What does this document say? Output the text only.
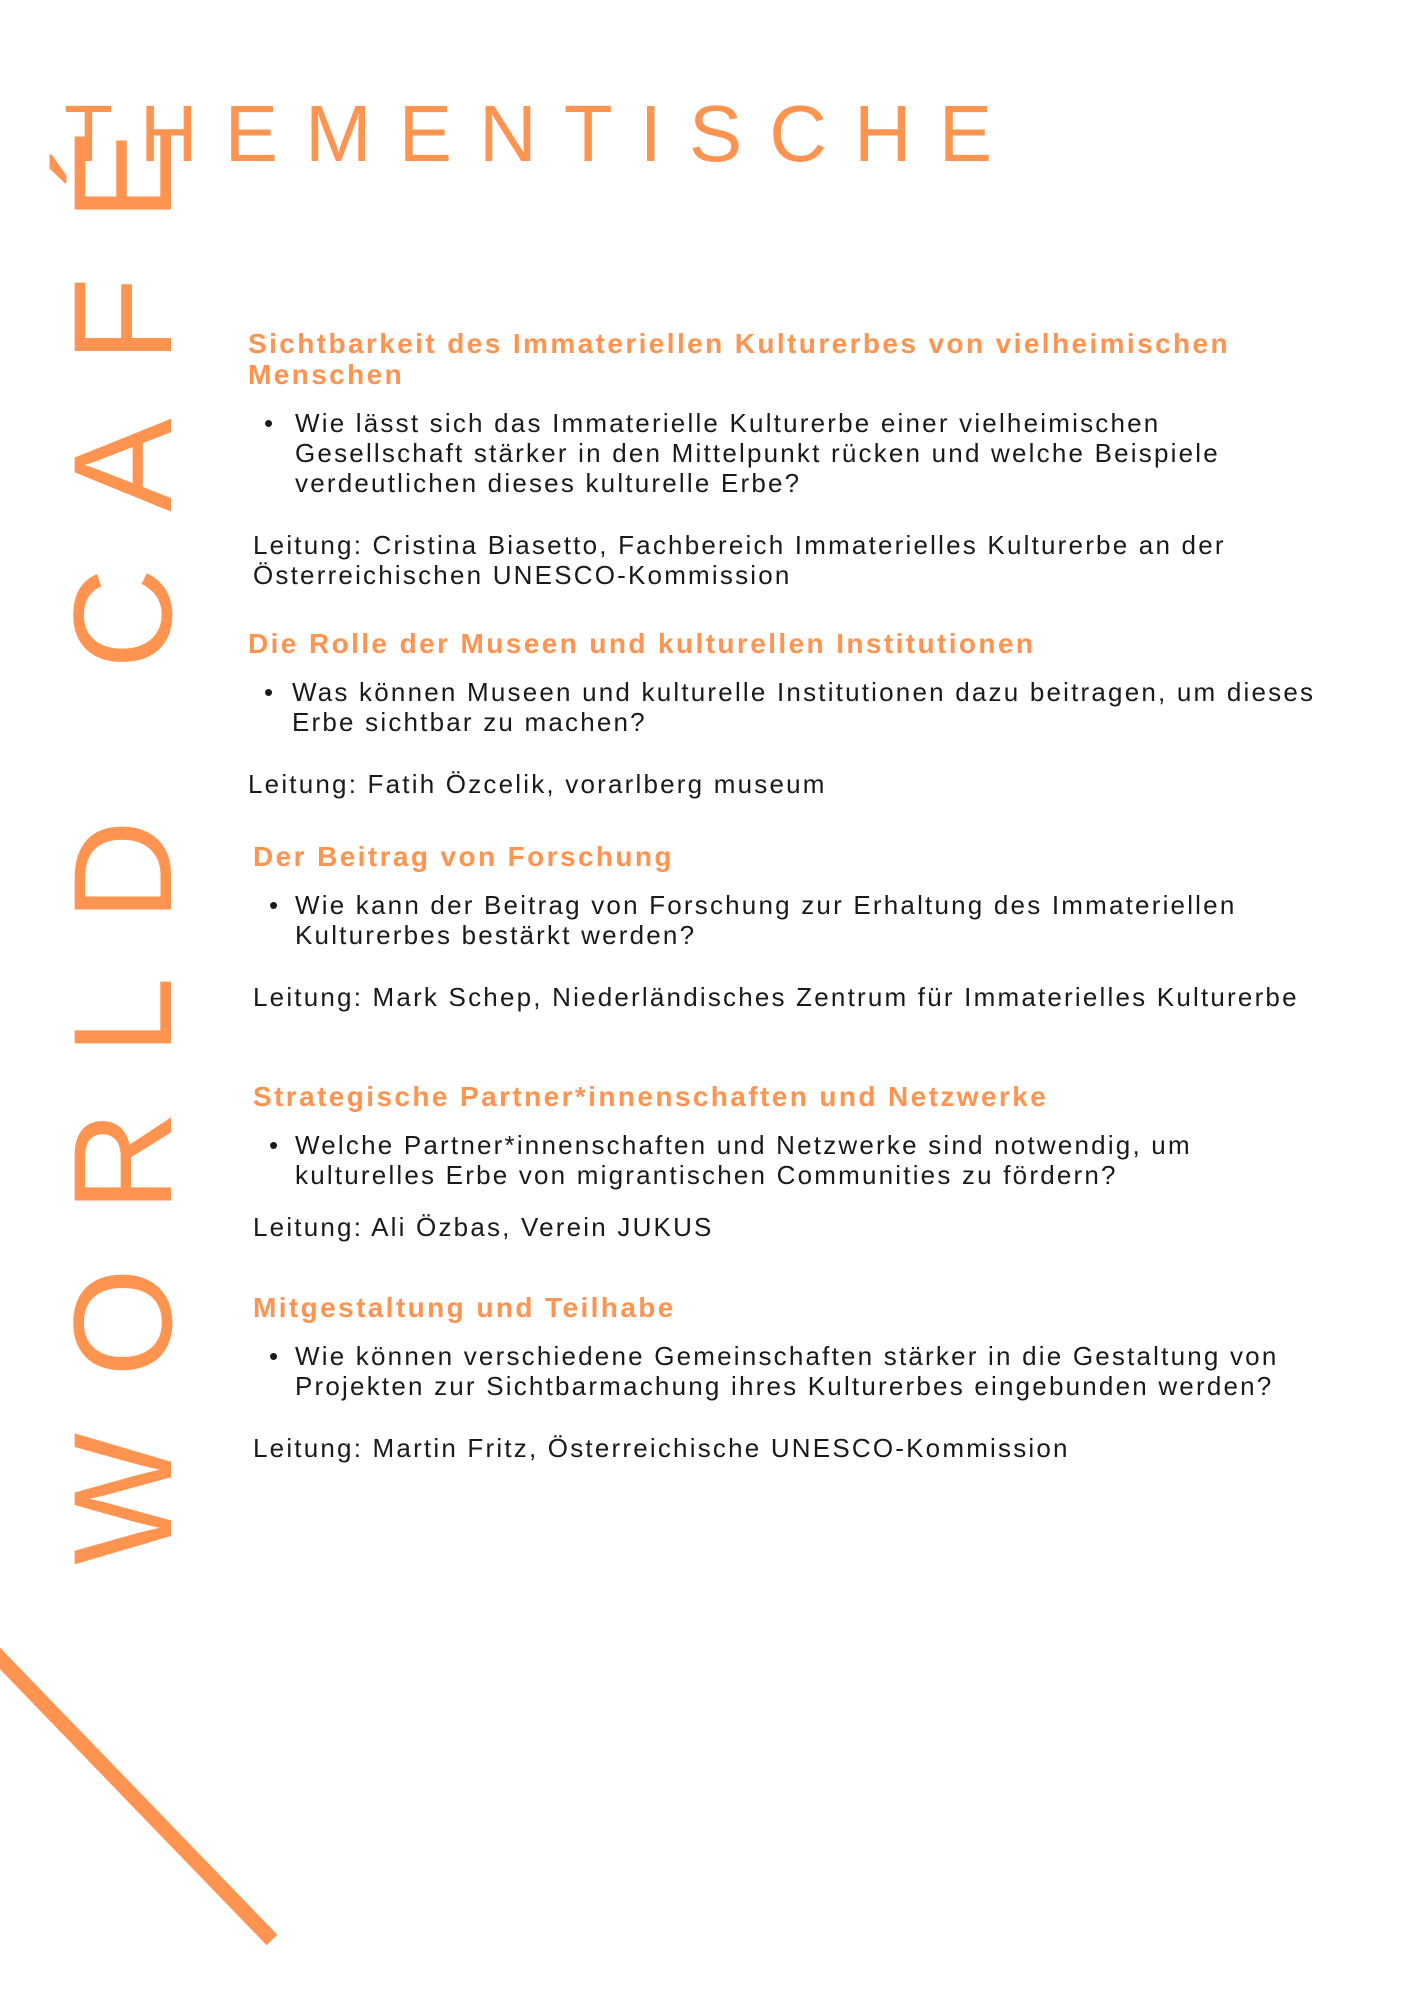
THEMENTISCHE
WORLD CAFÉ Sichtbarkeit des Immateriellen Kulturerbes von vielheimischen Menschen
• Wie lässt sich das Immaterielle Kulturerbe einer vielheimischen Gesellschaft stärker in den Mittelpunkt rücken und welche Beispiele verdeutlichen dieses kulturelle Erbe?

Leitung: Cristina Biasetto, Fachbereich Immaterielles Kulturerbe an der Österreichischen UNESCO-Kommission

Die Rolle der Museen und kulturellen Institutionen
• Was können Museen und kulturelle Institutionen dazu beitragen, um dieses Erbe sichtbar zu machen?

Leitung: Fatih Özcelik, vorarlberg museum

Der Beitrag von Forschung
• Wie kann der Beitrag von Forschung zur Erhaltung des Immateriellen Kulturerbes bestärkt werden?

Leitung: Mark Schep, Niederländisches Zentrum für Immaterielles Kulturerbe

Strategische Partner*innenschaften und Netzwerke
• Welche Partner*innenschaften und Netzwerke sind notwendig, um kulturelles Erbe von migrantischen Communities zu fördern?

Leitung: Ali Özbas, Verein JUKUS

Mitgestaltung und Teilhabe
• Wie können verschiedene Gemeinschaften stärker in die Gestaltung von Projekten zur Sichtbarmachung ihres Kulturerbes eingebunden werden?

Leitung: Martin Fritz, Österreichische UNESCO-Kommission
